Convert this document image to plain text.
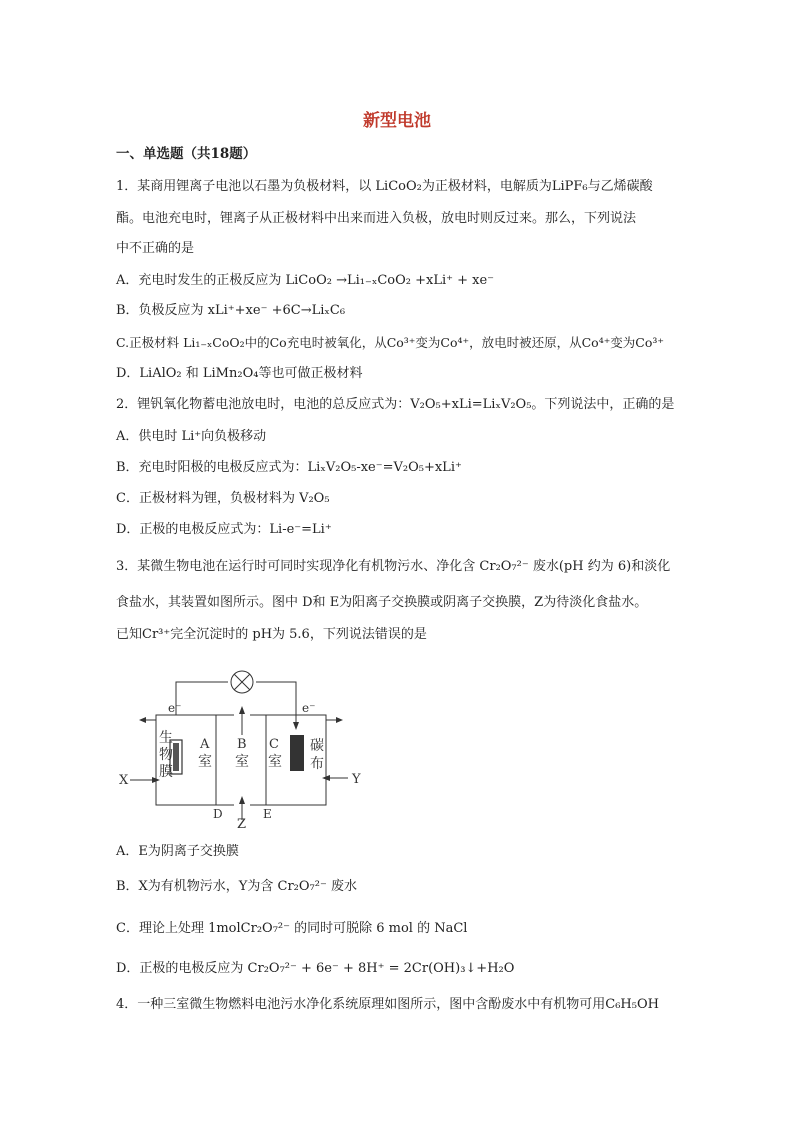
新型电池
一、单选题（共18题）
1．某商用锂离子电池以石墨为负极材料，以 LiCoO₂为正极材料，电解质为LiPF₆与乙烯碳酸
酯。电池充电时，锂离子从正极材料中出来而进入负极，放电时则反过来。那么，下列说法
中不正确的是
A．充电时发生的正极反应为 LiCoO₂ →Li₁₋ₓCoO₂ +xLi⁺ + xe⁻
B．负极反应为 xLi⁺+xe⁻ +6C→LiₓC₆
C.正极材料 Li₁₋ₓCoO₂中的Co充电时被氧化，从Co³⁺变为Co⁴⁺，放电时被还原，从Co⁴⁺变为Co³⁺
D．LiAlO₂ 和 LiMn₂O₄等也可做正极材料
2．锂钒氧化物蓄电池放电时，电池的总反应式为：V₂O₅+xLi=LiₓV₂O₅。下列说法中，正确的是
A．供电时 Li⁺向负极移动
B．充电时阳极的电极反应式为：LiₓV₂O₅-xe⁻=V₂O₅+xLi⁺
C．正极材料为锂，负极材料为 V₂O₅
D．正极的电极反应式为：Li-e⁻=Li⁺
3．某微生物电池在运行时可同时实现净化有机物污水、净化含 Cr₂O₇²⁻ 废水(pH 约为 6)和淡化
食盐水，其装置如图所示。图中 D和 E为阳离子交换膜或阴离子交换膜，Z为待淡化食盐水。
已知Cr³⁺完全沉淀时的 pH为 5.6，下列说法错误的是
e⁻	e⁻
生
物
膜
A
室
B
室
C
室
碳
布
X	Y
Z
D	E
A．E为阴离子交换膜
B．X为有机物污水，Y为含 Cr₂O₇²⁻ 废水
C．理论上处理 1molCr₂O₇²⁻ 的同时可脱除 6 mol 的 NaCl
D．正极的电极反应为 Cr₂O₇²⁻ + 6e⁻ + 8H⁺ = 2Cr(OH)₃↓+H₂O
4．一种三室微生物燃料电池污水净化系统原理如图所示，图中含酚废水中有机物可用C₆H₅OH
